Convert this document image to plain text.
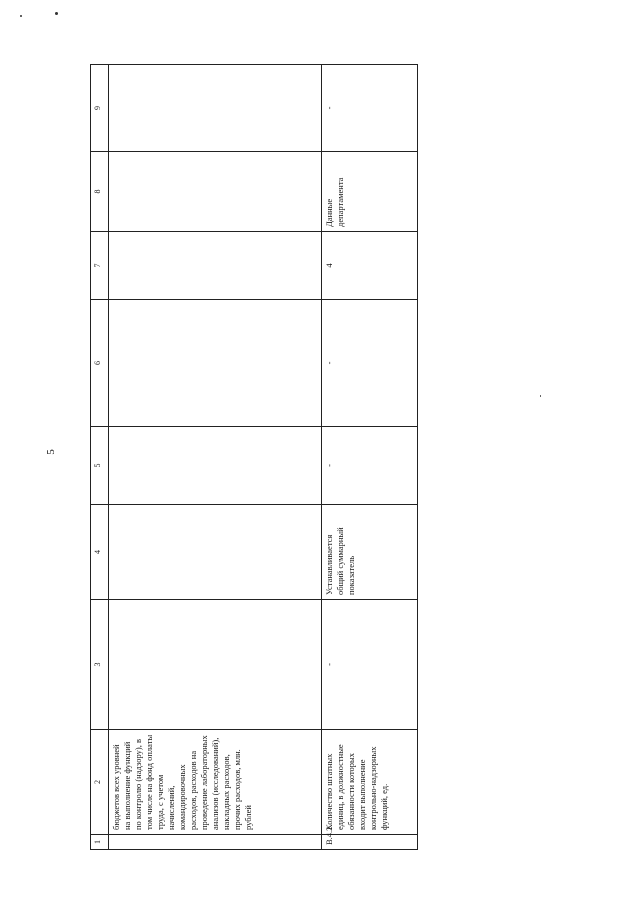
5
1	2	3	4	5	6	7	8	9
	бюджетов всех уровней на выполнение функций по контролю (надзору), в том числе на фонд оплаты труда, с учетом начислений, командировочных расходов, расходов на проведение лабораторных анализов (исследований), накладных расходов, прочих расходов, млн. рублей							
В.4.2	Количество штатных единиц, в должностные обязанности которых входит выполнение контрольно-надзорных функций, ед.	-	Устанавливается общий суммарный показатель	-	-	4	Данные департамента	-
